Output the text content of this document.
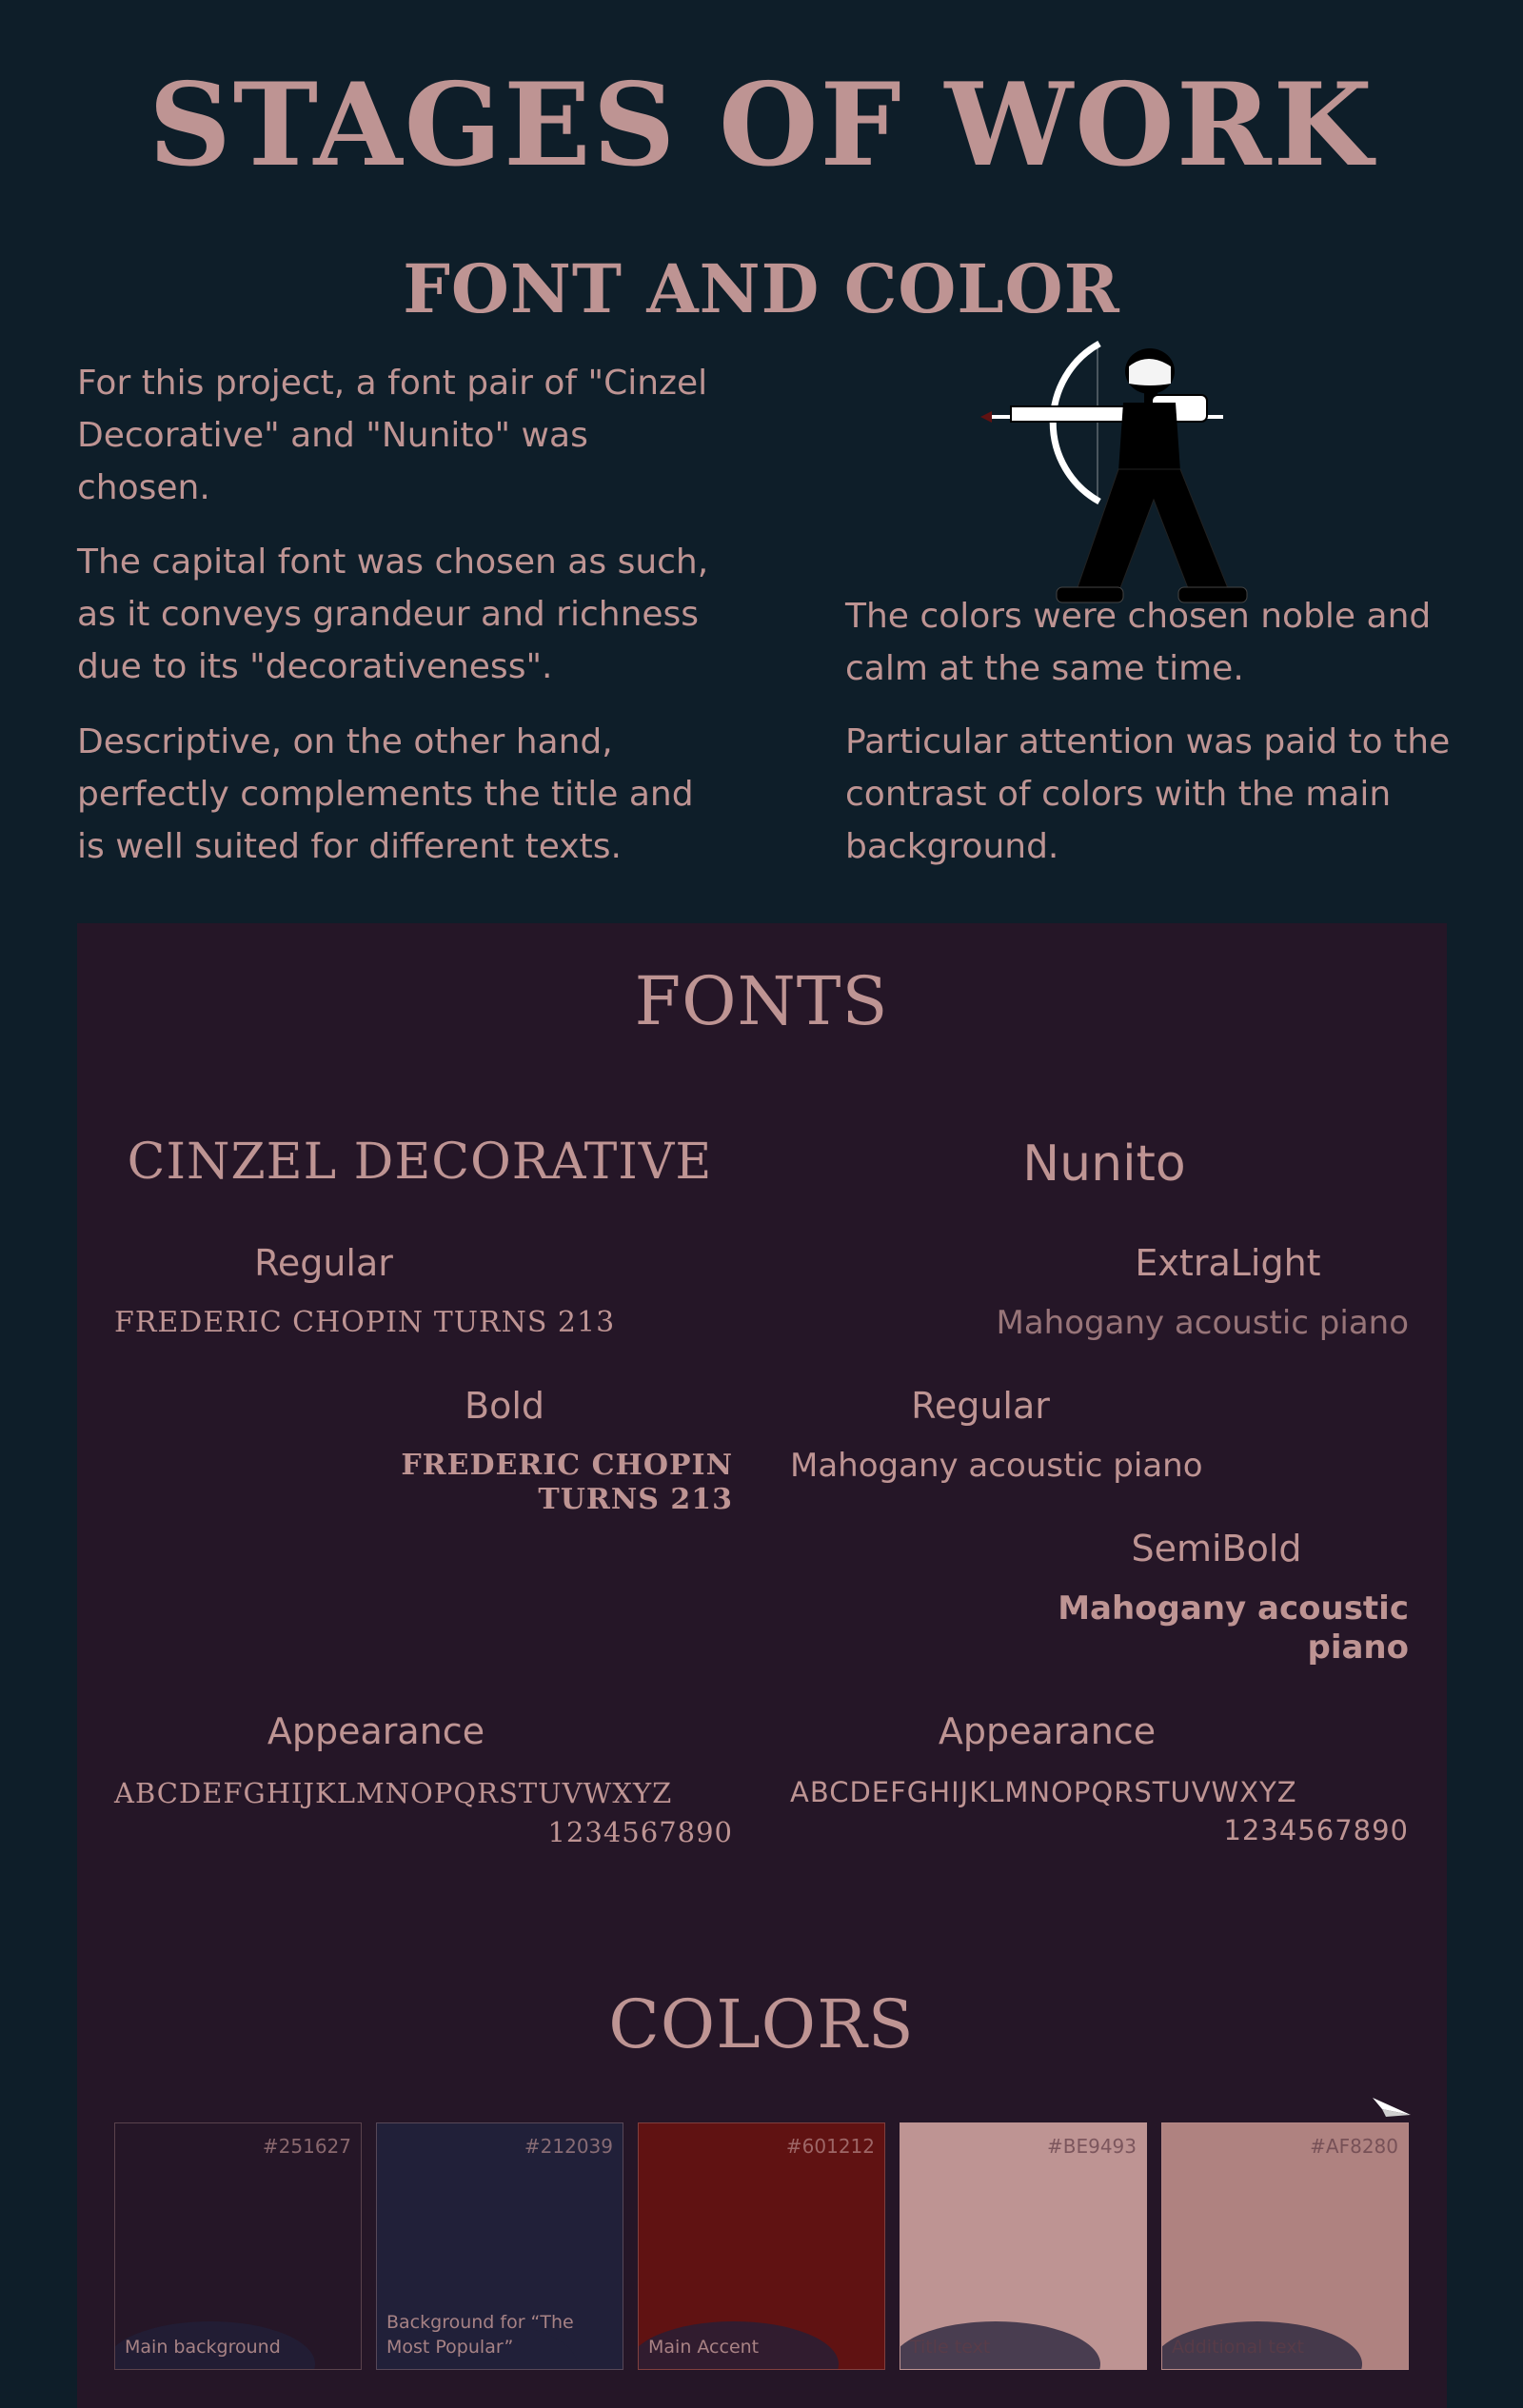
STAGES OF WORK
FONT AND COLOR
For this project, a font pair of "Cinzel Decorative" and "Nunito" was chosen.
The capital font was chosen as such, as it conveys grandeur and richness due to its "decorativeness".
Descriptive, on the other hand, perfectly complements the title and is well suited for different texts.
The colors were chosen noble and calm at the same time.
Particular attention was paid to the contrast of colors with the main background.
FONTS
CINZEL DECORATIVE
Regular
FREDERIC CHOPIN TURNS 213
Bold
FREDERIC CHOPIN TURNS 213
Appearance
ABCDEFGHIJKLMNOPQRSTUVWXYZ
1234567890
Nunito
ExtraLight
Mahogany acoustic piano
Regular
Mahogany acoustic piano
SemiBold
Mahogany acoustic piano
Appearance
ABCDEFGHIJKLMNOPQRSTUVWXYZ
1234567890
COLORS
#251627
Main background
#212039
Background for “The Most Popular”
#601212
Main Accent
#BE9493
Title text
#AF8280
Additional text
